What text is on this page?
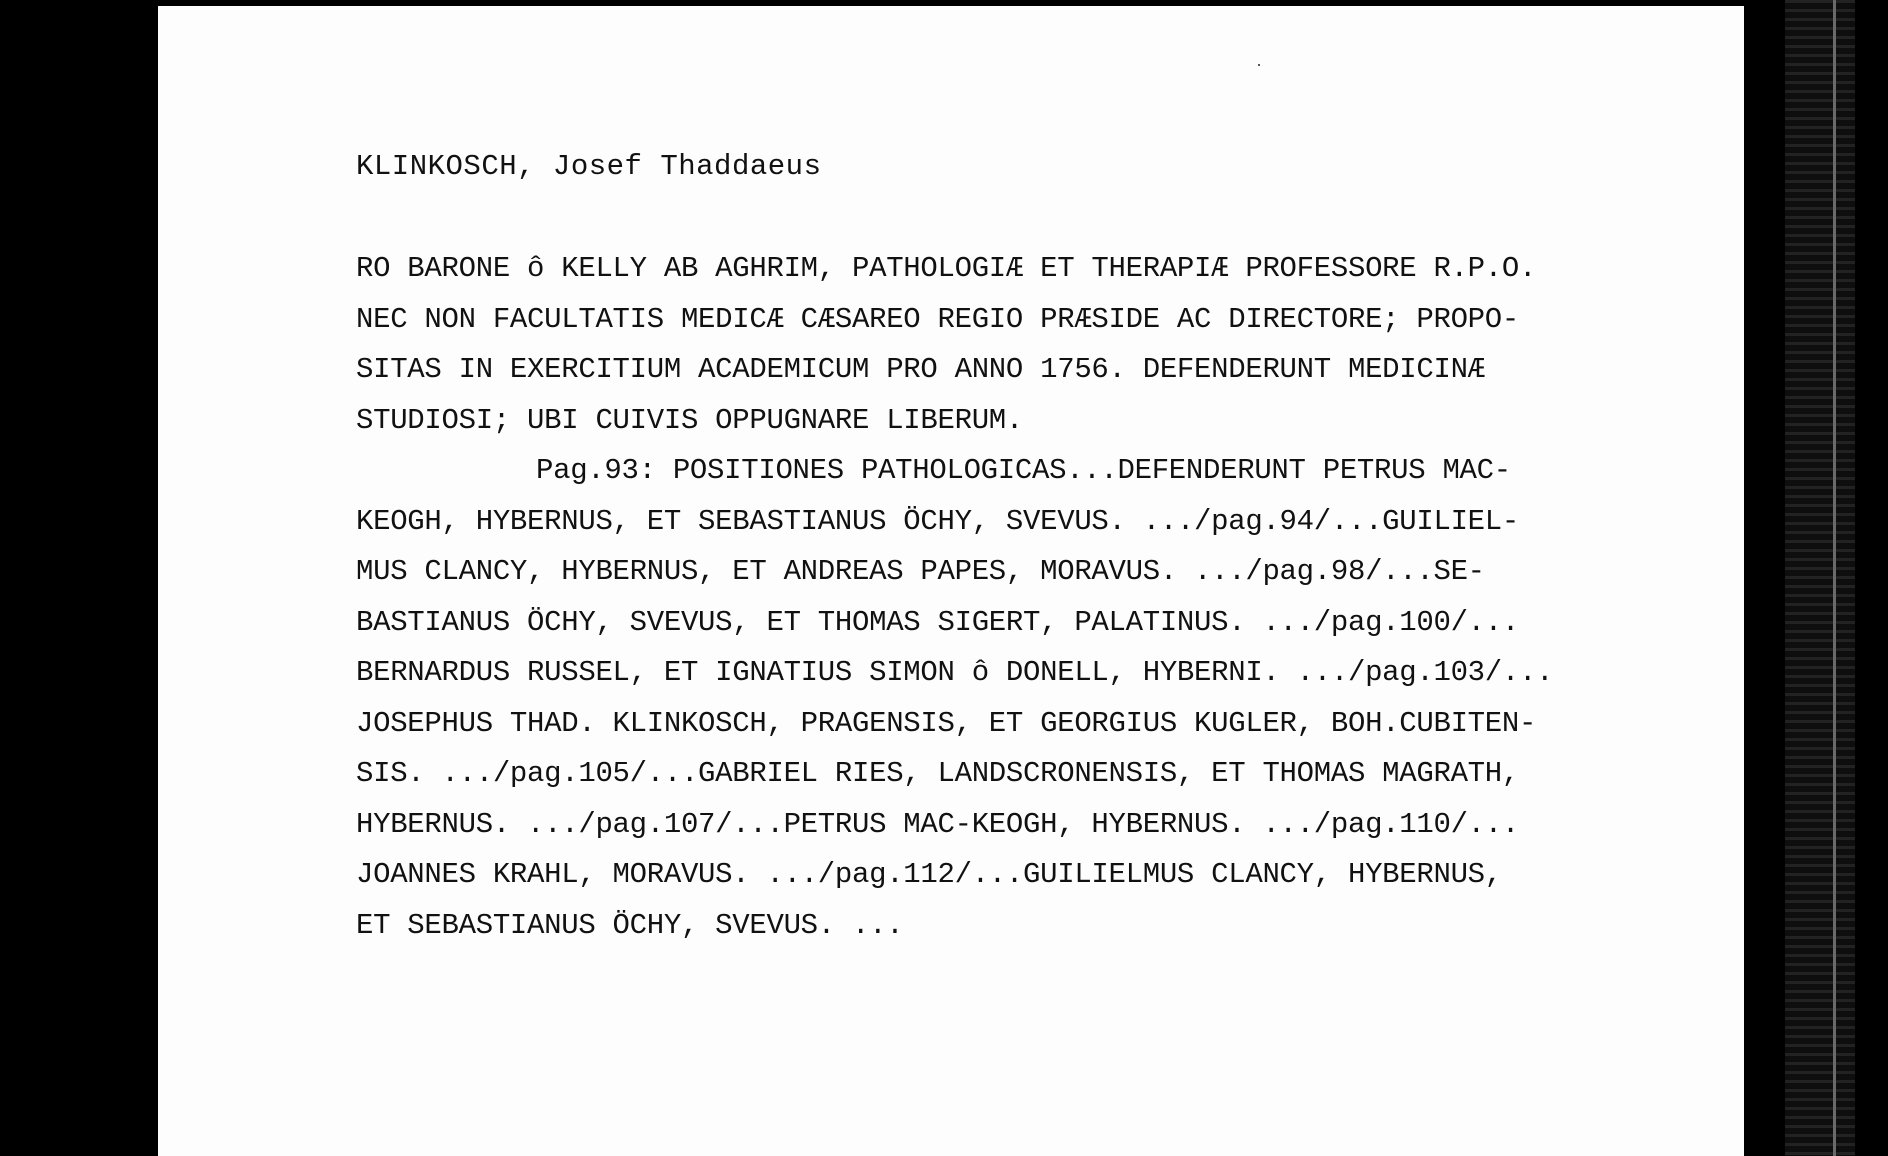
KLINKOSCH, Josef Thaddaeus
RO BARONE ô KELLY AB AGHRIM, PATHOLOGIÆ ET THERAPIÆ PROFESSORE R.P.O.
NEC NON FACULTATIS MEDICÆ CÆSAREO REGIO PRÆSIDE AC DIRECTORE; PROPO-
SITAS IN EXERCITIUM ACADEMICUM PRO ANNO 1756. DEFENDERUNT MEDICINÆ
STUDIOSI; UBI CUIVIS OPPUGNARE LIBERUM.
Pag.93: POSITIONES PATHOLOGICAS...DEFENDERUNT PETRUS MAC-
KEOGH, HYBERNUS, ET SEBASTIANUS ÖCHY, SVEVUS. .../pag.94/...GUILIEL-
MUS CLANCY, HYBERNUS, ET ANDREAS PAPES, MORAVUS. .../pag.98/...SE-
BASTIANUS ÖCHY, SVEVUS, ET THOMAS SIGERT, PALATINUS. .../pag.100/...
BERNARDUS RUSSEL, ET IGNATIUS SIMON ô DONELL, HYBERNI. .../pag.103/...
JOSEPHUS THAD. KLINKOSCH, PRAGENSIS, ET GEORGIUS KUGLER, BOH.CUBITEN-
SIS. .../pag.105/...GABRIEL RIES, LANDSCRONENSIS, ET THOMAS MAGRATH,
HYBERNUS. .../pag.107/...PETRUS MAC-KEOGH, HYBERNUS. .../pag.110/...
JOANNES KRAHL, MORAVUS. .../pag.112/...GUILIELMUS CLANCY, HYBERNUS,
ET SEBASTIANUS ÖCHY, SVEVUS. ...
